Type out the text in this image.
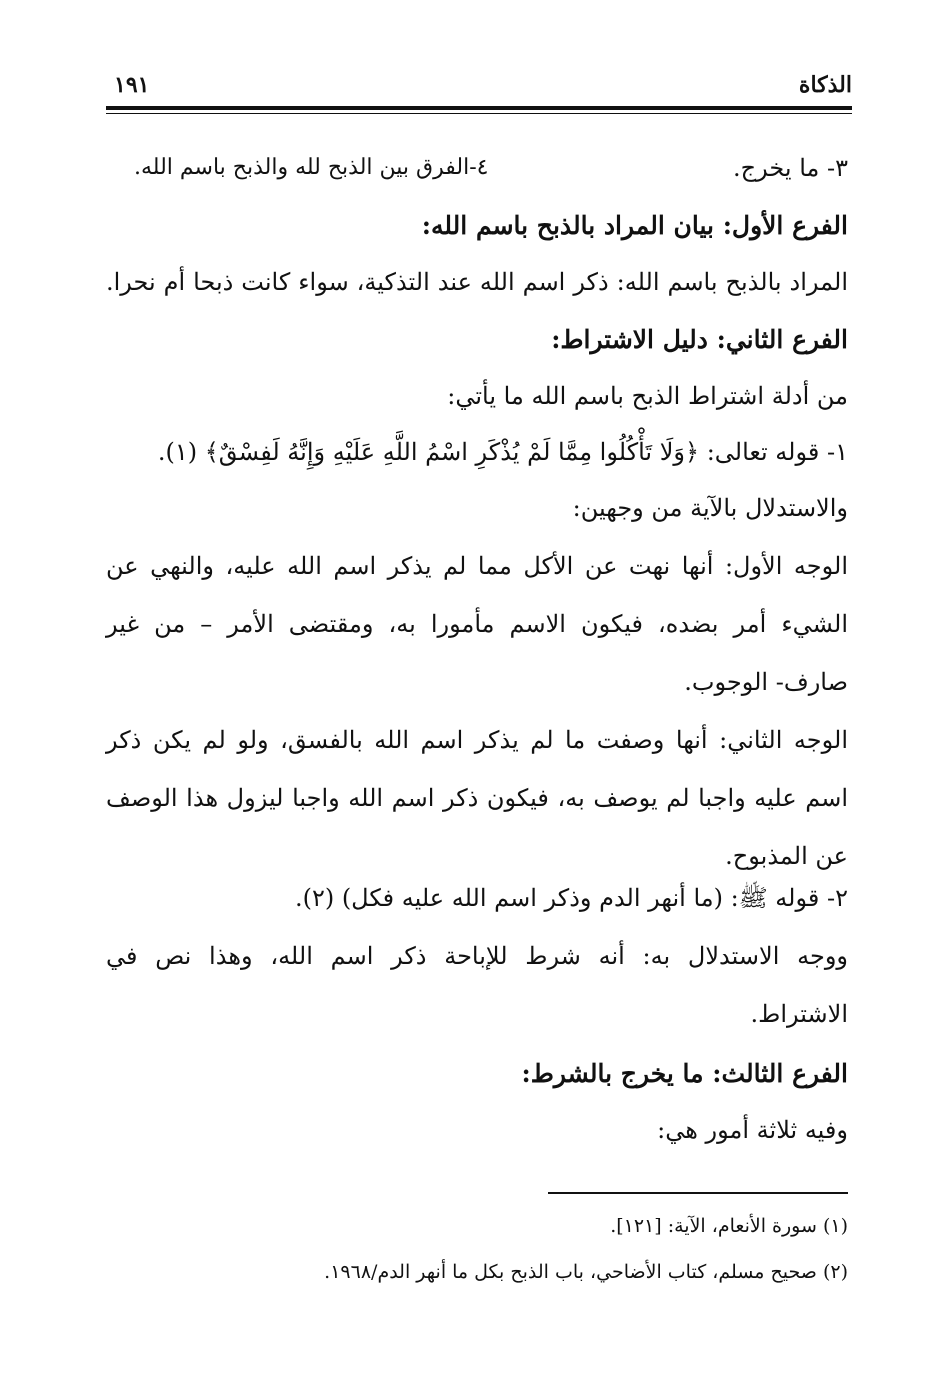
١٩١	الذكاة
٣- ما يخرج.
٤-الفرق بين الذبح لله والذبح باسم الله.
الفرع الأول: بيان المراد بالذبح باسم الله:
المراد بالذبح باسم الله: ذكر اسم الله عند التذكية، سواء كانت ذبحا أم نحرا.
الفرع الثاني: دليل الاشتراط:
من أدلة اشتراط الذبح باسم الله ما يأتي:
١- قوله تعالى: ﴿وَلَا تَأْكُلُوا مِمَّا لَمْ يُذْكَرِ اسْمُ اللَّهِ عَلَيْهِ وَإِنَّهُ لَفِسْقٌ﴾ (١).
والاستدلال بالآية من وجهين:
الوجه الأول: أنها نهت عن الأكل مما لم يذكر اسم الله عليه، والنهي عن
الشيء أمر بضده، فيكون الاسم مأمورا به، ومقتضى الأمر – من غير
صارف- الوجوب.
الوجه الثاني: أنها وصفت ما لم يذكر اسم الله بالفسق، ولو لم يكن ذكر
اسم عليه واجبا لم يوصف به، فيكون ذكر اسم الله واجبا ليزول هذا الوصف
عن المذبوح.
٢- قوله ﷺ: (ما أنهر الدم وذكر اسم الله عليه فكل) (٢).
ووجه الاستدلال به: أنه شرط للإباحة ذكر اسم الله، وهذا نص في
الاشتراط.
الفرع الثالث: ما يخرج بالشرط:
وفيه ثلاثة أمور هي:
(١) سورة الأنعام، الآية: [١٢١].
(٢) صحيح مسلم، كتاب الأضاحي، باب الذبح بكل ما أنهر الدم/١٩٦٨.
